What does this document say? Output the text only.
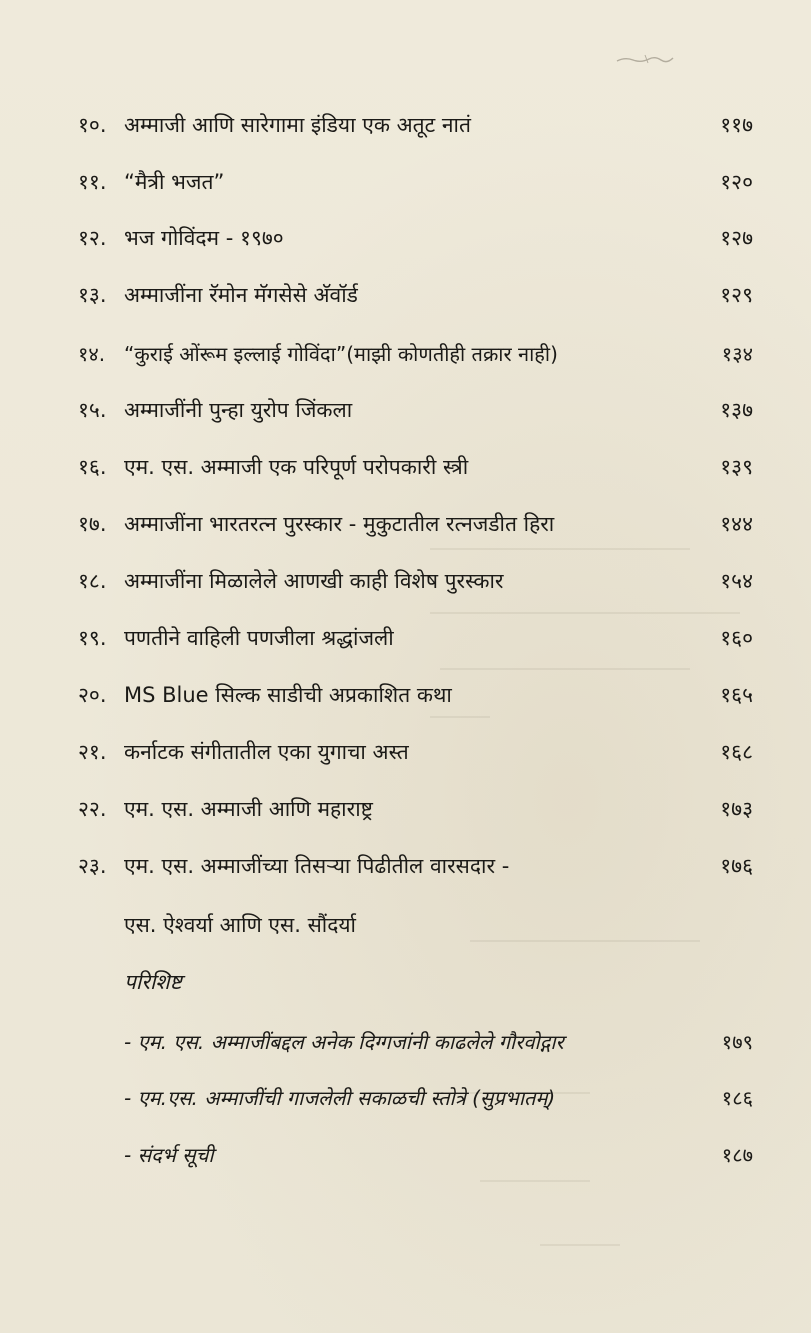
१०. अम्माजी आणि सारेगामा इंडिया एक अतूट नातं	११७
११. “मैत्री भजत”	१२०
१२. भज गोविंदम - १९७०	१२७
१३. अम्माजींना रॅमोन मॅगसेसे अ‍ॅवॉर्ड	१२९
१४. “कुराई ओंरूम इल्लाई गोविंदा”(माझी कोणतीही तक्रार नाही)	१३४
१५. अम्माजींनी पुन्हा युरोप जिंकला	१३७
१६. एम. एस. अम्माजी एक परिपूर्ण परोपकारी स्त्री	१३९
१७. अम्माजींना भारतरत्न पुरस्कार - मुकुटातील रत्नजडीत हिरा	१४४
१८. अम्माजींना मिळालेले आणखी काही विशेष पुरस्कार	१५४
१९. पणतीने वाहिली पणजीला श्रद्धांजली	१६०
२०. MS Blue सिल्क साडीची अप्रकाशित कथा	१६५
२१. कर्नाटक संगीतातील एका युगाचा अस्त	१६८
२२. एम. एस. अम्माजी आणि महाराष्ट्र	१७३
२३. एम. एस. अम्माजींच्या तिसऱ्या पिढीतील वारसदार -	१७६
एस. ऐश्वर्या आणि एस. सौंदर्या
परिशिष्ट
- एम. एस. अम्माजींबद्दल अनेक दिग्गजांनी काढलेले गौरवोद्गार	१७९
- एम.एस. अम्माजींची गाजलेली सकाळची स्तोत्रे (सुप्रभातम्)	१८६
- संदर्भ सूची	१८७
